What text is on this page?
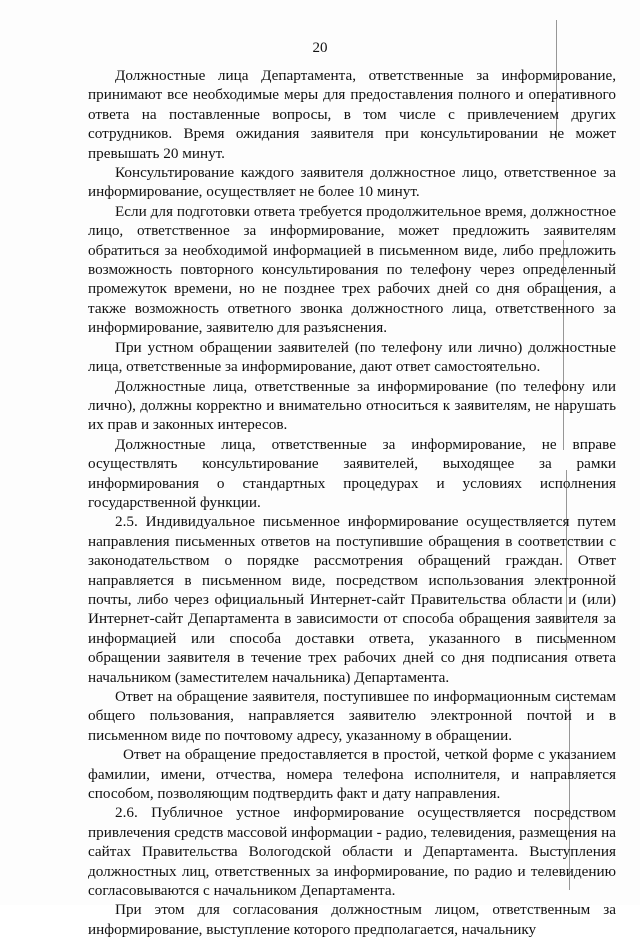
20

Должностные лица Департамента, ответственные за информирование, принимают все необходимые меры для предоставления полного и оперативного ответа на поставленные вопросы, в том числе с привлечением других сотрудников. Время ожидания заявителя при консультировании не может превышать 20 минут.

Консультирование каждого заявителя должностное лицо, ответственное за информирование, осуществляет не более 10 минут.

Если для подготовки ответа требуется продолжительное время, должностное лицо, ответственное за информирование, может предложить заявителям обратиться за необходимой информацией в письменном виде, либо предложить возможность повторного консультирования по телефону через определенный промежуток времени, но не позднее трех рабочих дней со дня обращения, а также возможность ответного звонка должностного лица, ответственного за информирование, заявителю для разъяснения.

При устном обращении заявителей (по телефону или лично) должностные лица, ответственные за информирование, дают ответ самостоятельно.

Должностные лица, ответственные за информирование (по телефону или лично), должны корректно и внимательно относиться к заявителям, не нарушать их прав и законных интересов.

Должностные лица, ответственные за информирование, не вправе осуществлять консультирование заявителей, выходящее за рамки информирования о стандартных процедурах и условиях исполнения государственной функции.

2.5. Индивидуальное письменное информирование осуществляется путем направления письменных ответов на поступившие обращения в соответствии с законодательством о порядке рассмотрения обращений граждан. Ответ направляется в письменном виде, посредством использования электронной почты, либо через официальный Интернет-сайт Правительства области и (или) Интернет-сайт Департамента в зависимости от способа обращения заявителя за информацией или способа доставки ответа, указанного в письменном обращении заявителя в течение трех рабочих дней со дня подписания ответа начальником (заместителем начальника) Департамента.

Ответ на обращение заявителя, поступившее по информационным системам общего пользования, направляется заявителю электронной почтой и в письменном виде по почтовому адресу, указанному в обращении.

Ответ на обращение предоставляется в простой, четкой форме с указанием фамилии, имени, отчества, номера телефона исполнителя, и направляется способом, позволяющим подтвердить факт и дату направления.

2.6. Публичное устное информирование осуществляется посредством привлечения средств массовой информации - радио, телевидения, размещения на сайтах Правительства Вологодской области и Департамента. Выступления должностных лиц, ответственных за информирование, по радио и телевидению согласовываются с начальником Департамента.

При этом для согласования должностным лицом, ответственным за информирование, выступление которого предполагается, начальнику
